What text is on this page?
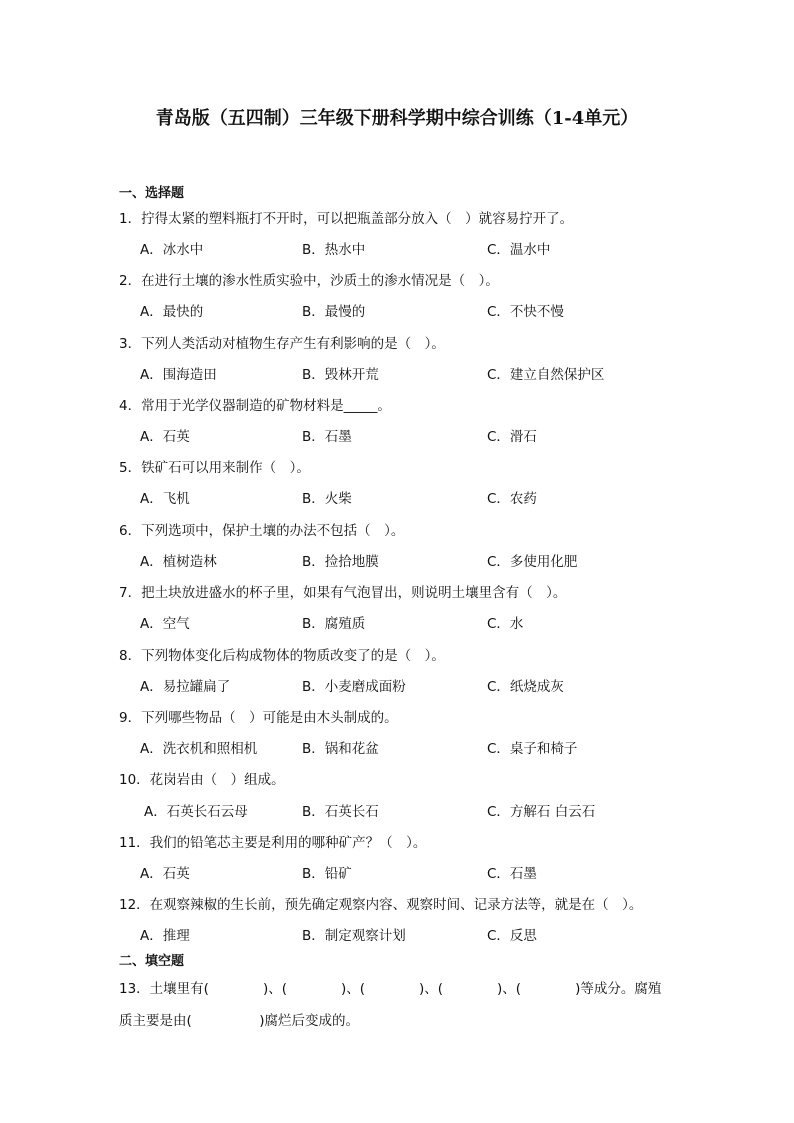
青岛版（五四制）三年级下册科学期中综合训练（1-4单元）
一、选择题
1．拧得太紧的塑料瓶打不开时，可以把瓶盖部分放入（　）就容易拧开了。
A．冰水中	B．热水中	C．温水中
2．在进行土壤的渗水性质实验中，沙质土的渗水情况是（　）。
A．最快的	B．最慢的	C．不快不慢
3．下列人类活动对植物生存产生有利影响的是（　）。
A．围海造田	B．毁林开荒	C．建立自然保护区
4．常用于光学仪器制造的矿物材料是_____。
A．石英	B．石墨	C．滑石
5．铁矿石可以用来制作（　）。
A．飞机	B．火柴	C．农药
6．下列选项中，保护土壤的办法不包括（　）。
A．植树造林	B．捡拾地膜	C．多使用化肥
7．把土块放进盛水的杯子里，如果有气泡冒出，则说明土壤里含有（　）。
A．空气	B．腐殖质	C．水
8．下列物体变化后构成物体的物质改变了的是（　）。
A．易拉罐扁了	B．小麦磨成面粉	C．纸烧成灰
9．下列哪些物品（　）可能是由木头制成的。
A．洗衣机和照相机	B．锅和花盆	C．桌子和椅子
10．花岗岩由（　）组成。
A．石英长石云母	B．石英长石	C．方解石 白云石
11．我们的铅笔芯主要是利用的哪种矿产？（　）。
A．石英	B．铅矿	C．石墨
12．在观察辣椒的生长前，预先确定观察内容、观察时间、记录方法等，就是在（　）。
A．推理	B．制定观察计划	C．反思
二、填空题
13．土壤里有(　　　　)、(　　　　)、(　　　　)、(　　　　)、(　　　　)等成分。腐殖
质主要是由(　　　　　)腐烂后变成的。
